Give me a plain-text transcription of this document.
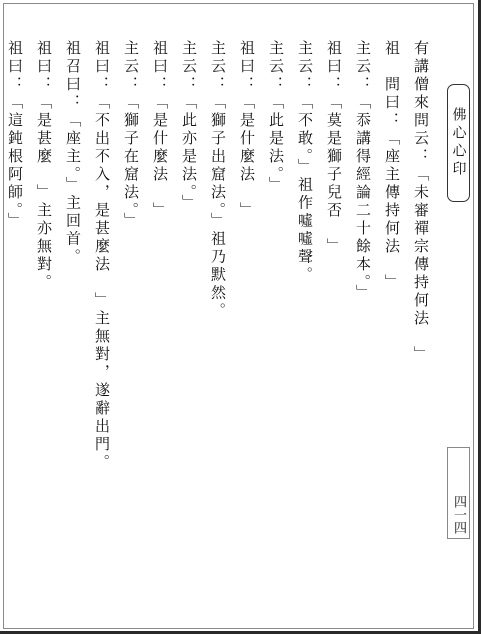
有講僧來問云：「未審禪宗傳持何法　」
祖　問曰：「座主傳持何法　」
主云：「忝講得經論二十餘本。」
祖曰：「莫是獅子兒否　」
主云：「不敢。」祖作噓噓聲。
主云：「此是法。」
祖曰：「是什麼法　」
主云：「獅子出窟法。」祖乃默然。
主云：「此亦是法。」
祖曰：「是什麼法　」
主云：「獅子在窟法。」
祖曰：「不出不入，是甚麼法　」主無對，遂辭出門。
祖召曰：「座主。」主回首。
祖曰：「是甚麼　」主亦無對。
祖曰：「這鈍根阿師。」	佛心心印
四一四
